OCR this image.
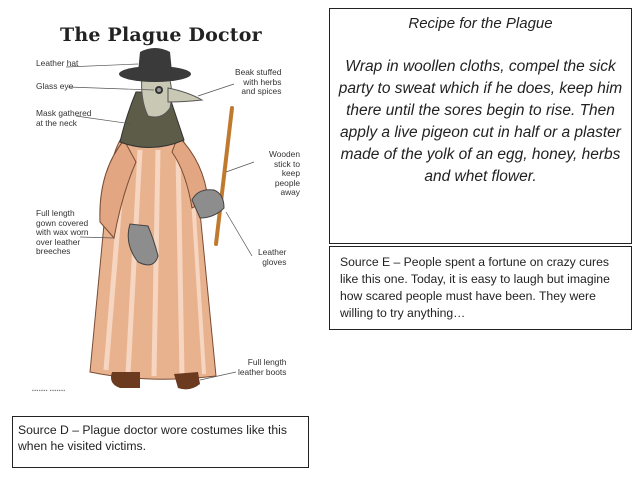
The Plague Doctor
Leather hat
Glass eye
Mask gathered
at the neck
Full length
gown covered
with wax worn
over leather
breeches
Beak stuffed
with herbs
and spices
Wooden
stick to keep
people away
Leather
gloves
Full length
leather boots
▪▪▪▪▪▪▪ ▪▪▪▪▪▪▪
Recipe for the Plague
Wrap in woollen cloths, compel the sick party to sweat which if he does, keep him there until the sores begin to rise. Then apply a live pigeon cut in half or a plaster made of the yolk of an egg, honey, herbs and whet flower.
Source E – People spent a fortune on crazy cures like this one. Today, it is easy to laugh but imagine how scared people must have been. They were willing to try anything…
Source D – Plague doctor wore costumes like this when he visited victims.
